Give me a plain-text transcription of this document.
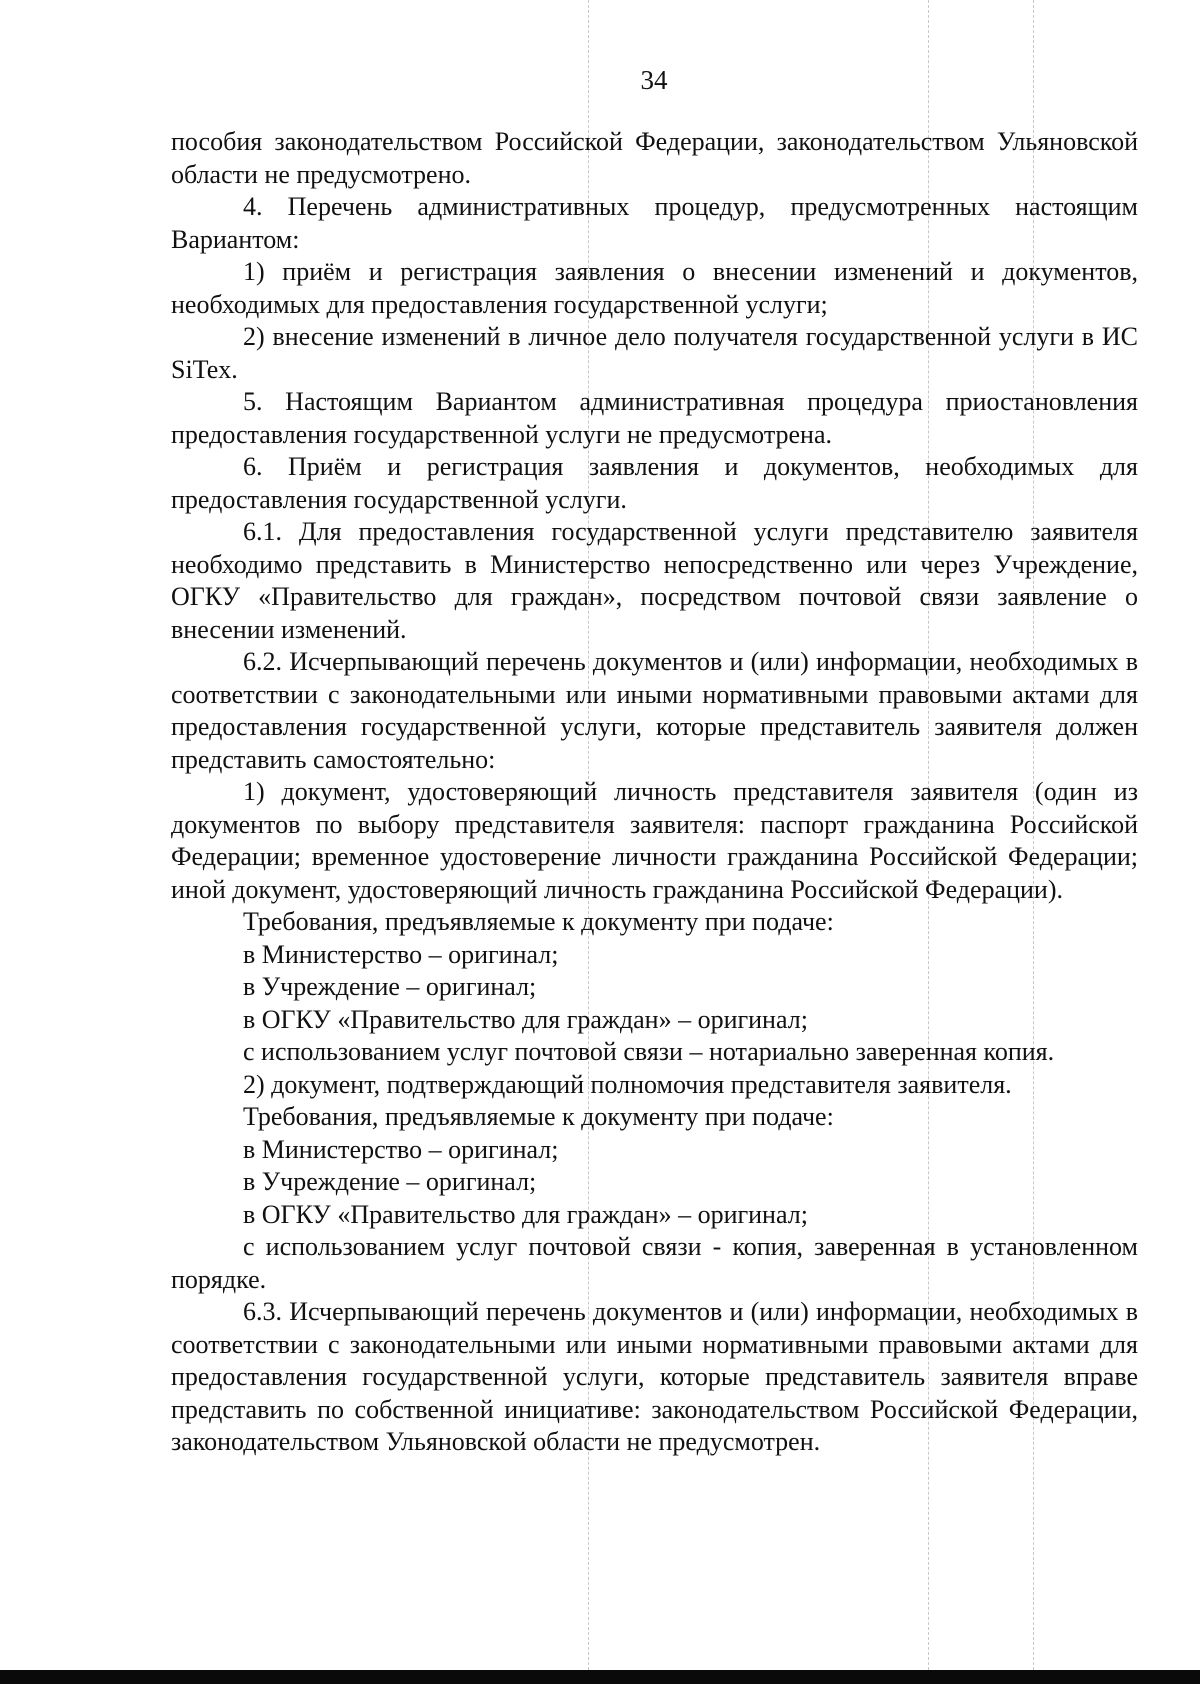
34

пособия законодательством Российской Федерации, законодательством Ульяновской области не предусмотрено.

4. Перечень административных процедур, предусмотренных настоящим Вариантом:

1) приём и регистрация заявления о внесении изменений и документов, необходимых для предоставления государственной услуги;

2) внесение изменений в личное дело получателя государственной услуги в ИС SiTex.

5. Настоящим Вариантом административная процедура приостановления предоставления государственной услуги не предусмотрена.

6. Приём и регистрация заявления и документов, необходимых для предоставления государственной услуги.

6.1. Для предоставления государственной услуги представителю заявителя необходимо представить в Министерство непосредственно или через Учреждение, ОГКУ «Правительство для граждан», посредством почтовой связи заявление о внесении изменений.

6.2. Исчерпывающий перечень документов и (или) информации, необходимых в соответствии с законодательными или иными нормативными правовыми актами для предоставления государственной услуги, которые представитель заявителя должен представить самостоятельно:

1) документ, удостоверяющий личность представителя заявителя (один из документов по выбору представителя заявителя: паспорт гражданина Российской Федерации; временное удостоверение личности гражданина Российской Федерации; иной документ, удостоверяющий личность гражданина Российской Федерации).

Требования, предъявляемые к документу при подаче:

в Министерство – оригинал;

в Учреждение – оригинал;

в ОГКУ «Правительство для граждан» – оригинал;

с использованием услуг почтовой связи – нотариально заверенная копия.

2) документ, подтверждающий полномочия представителя заявителя.

Требования, предъявляемые к документу при подаче:

в Министерство – оригинал;

в Учреждение – оригинал;

в ОГКУ «Правительство для граждан» – оригинал;

с использованием услуг почтовой связи - копия, заверенная в установленном порядке.

6.3. Исчерпывающий перечень документов и (или) информации, необходимых в соответствии с законодательными или иными нормативными правовыми актами для предоставления государственной услуги, которые представитель заявителя вправе представить по собственной инициативе: законодательством Российской Федерации, законодательством Ульяновской области не предусмотрен.
